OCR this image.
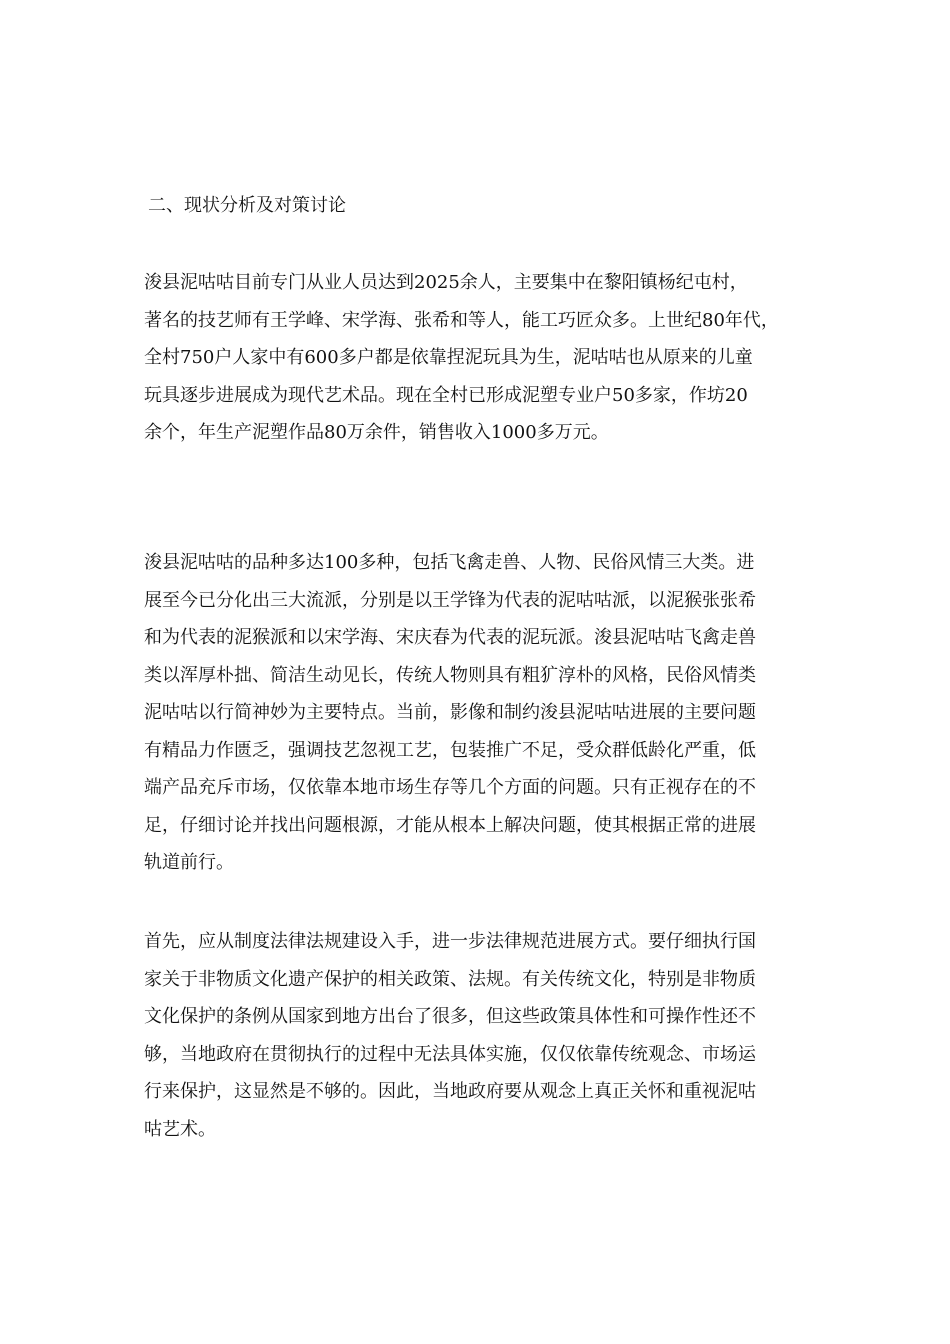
二、现状分析及对策讨论

浚县泥咕咕目前专门从业人员达到2025余人，主要集中在黎阳镇杨纪屯村，
著名的技艺师有王学峰、宋学海、张希和等人，能工巧匠众多。上世纪80年代，
全村750户人家中有600多户都是依靠捏泥玩具为生，泥咕咕也从原来的儿童
玩具逐步进展成为现代艺术品。现在全村已形成泥塑专业户50多家，作坊20
余个，年生产泥塑作品80万余件，销售收入1000多万元。

浚县泥咕咕的品种多达100多种，包括飞禽走兽、人物、民俗风情三大类。进
展至今已分化出三大流派，分别是以王学锋为代表的泥咕咕派，以泥猴张张希
和为代表的泥猴派和以宋学海、宋庆春为代表的泥玩派。浚县泥咕咕飞禽走兽
类以浑厚朴拙、简洁生动见长，传统人物则具有粗犷淳朴的风格，民俗风情类
泥咕咕以行简神妙为主要特点。当前，影像和制约浚县泥咕咕进展的主要问题
有精品力作匮乏，强调技艺忽视工艺，包装推广不足，受众群低龄化严重，低
端产品充斥市场，仅依靠本地市场生存等几个方面的问题。只有正视存在的不
足，仔细讨论并找出问题根源，才能从根本上解决问题，使其根据正常的进展
轨道前行。

首先，应从制度法律法规建设入手，进一步法律规范进展方式。要仔细执行国
家关于非物质文化遗产保护的相关政策、法规。有关传统文化，特别是非物质
文化保护的条例从国家到地方出台了很多，但这些政策具体性和可操作性还不
够，当地政府在贯彻执行的过程中无法具体实施，仅仅依靠传统观念、市场运
行来保护，这显然是不够的。因此，当地政府要从观念上真正关怀和重视泥咕
咕艺术。
